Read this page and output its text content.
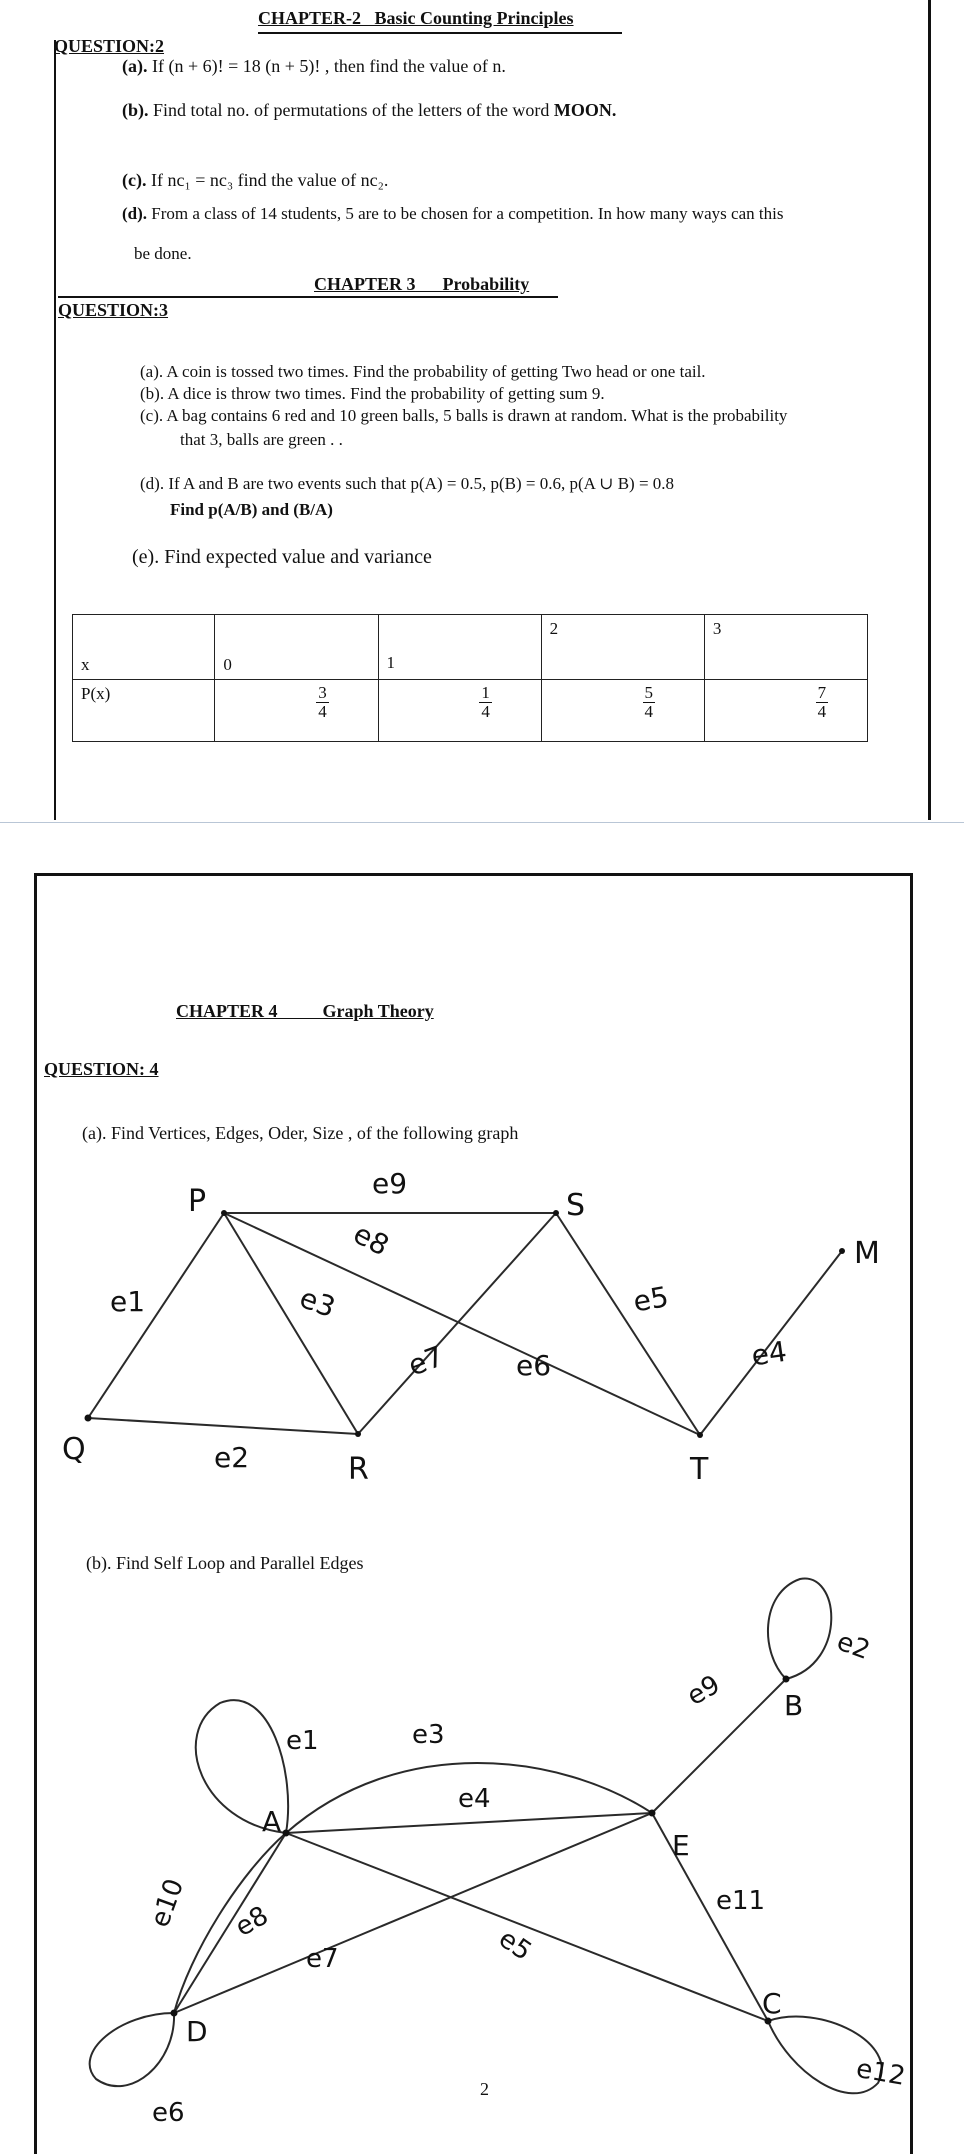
CHAPTER-2 Basic Counting Principles
QUESTION:2
(a). If (n + 6)! = 18 (n + 5)! , then find the value of n.
(b). Find total no. of permutations of the letters of the word MOON.
(c). If nc₁ = nc₃ find the value of nc₂.
(d). From a class of 14 students, 5 are to be chosen for a competition. In how many ways can this
be done.
CHAPTER 3 Probability
QUESTION:3
(a). A coin is tossed two times. Find the probability of getting Two head or one tail.
(b). A dice is throw two times. Find the probability of getting sum 9.
(c). A bag contains 6 red and 10 green balls, 5 balls is drawn at random. What is the probability
that 3, balls are green . .
(d). If A and B are two events such that p(A) = 0.5, p(B) = 0.6, p(A ∪ B) = 0.8
Find p(A/B) and (B/A)
(e). Find expected value and variance
x	0	1	2	3
P(x)	$\frac{3}{4}$	$\frac{1}{4}$	$\frac{5}{4}$	$\frac{7}{4}$
CHAPTER 4	Graph Theory
QUESTION: 4
(a). Find Vertices, Edges, Oder, Size , of the following graph
(b). Find Self Loop and Parallel Edges
P	S
M
Q
R	T
e9
e8
e1	e3	e5
e7 e6	e4
e2
A
E
B
D
C
e1	e3
e4
e9
e2
e10 e8
e7	e5
e11
e6
e12
2
